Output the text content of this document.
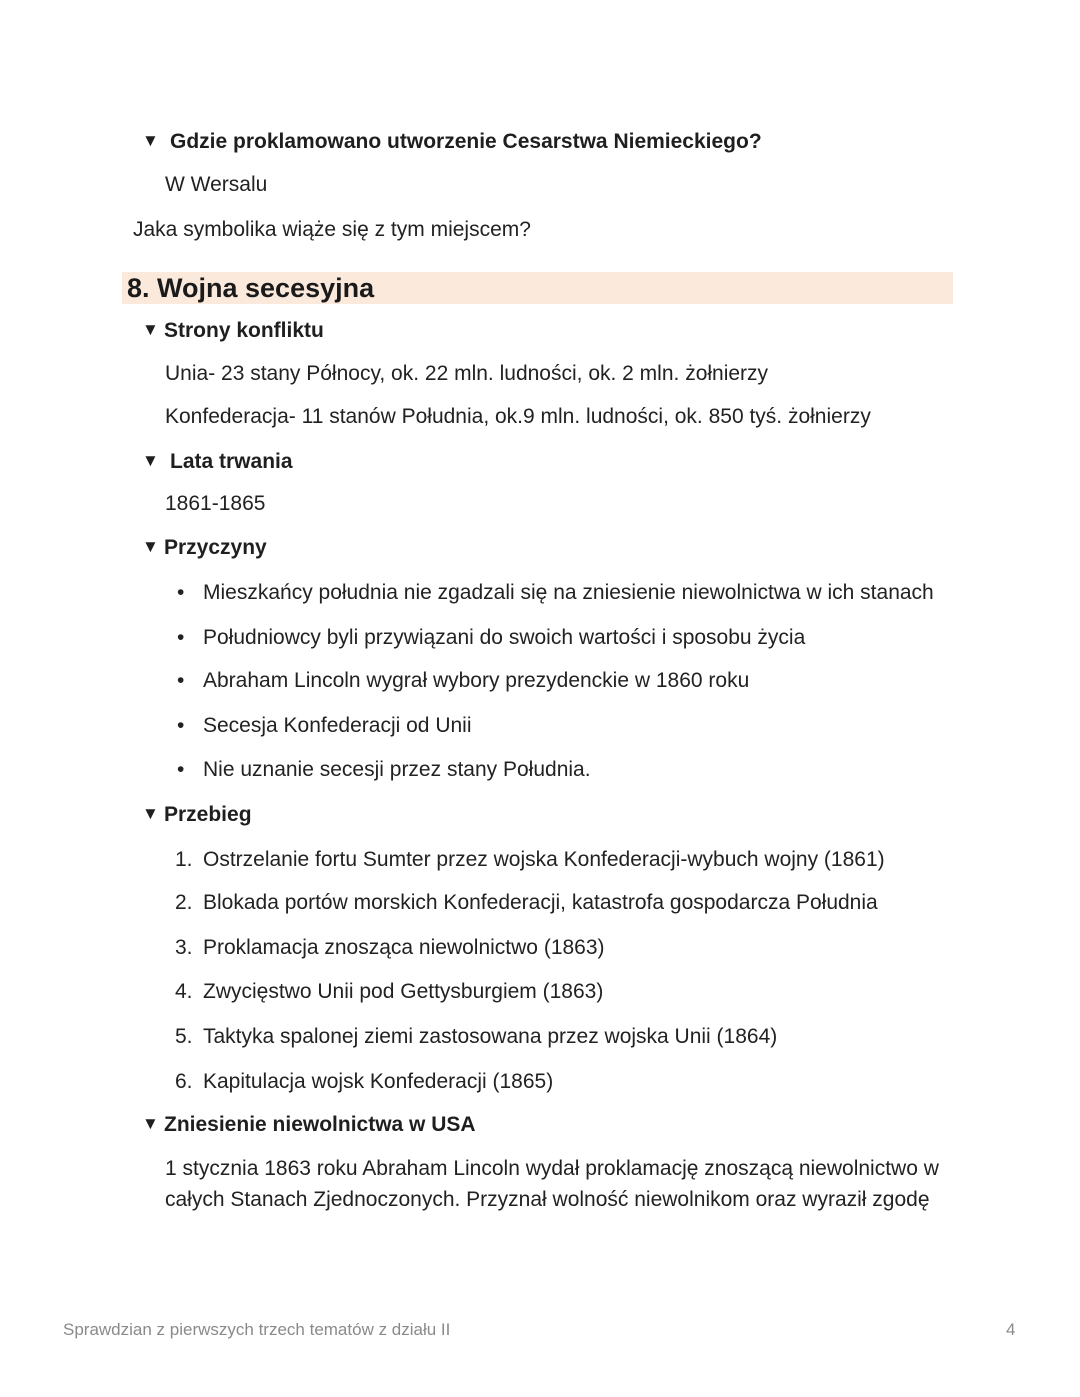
▼ Gdzie proklamowano utworzenie Cesarstwa Niemieckiego?
W Wersalu
Jaka symbolika wiąże się z tym miejscem?
8. Wojna secesyjna
▼ Strony konfliktu
Unia- 23 stany Północy, ok. 22 mln. ludności, ok. 2 mln. żołnierzy
Konfederacja- 11 stanów Południa, ok.9 mln. ludności, ok. 850 tyś. żołnierzy
▼ Lata trwania
1861-1865
▼ Przyczyny
• Mieszkańcy południa nie zgadzali się na zniesienie niewolnictwa w ich stanach
• Południowcy byli przywiązani do swoich wartości i sposobu życia
• Abraham Lincoln wygrał wybory prezydenckie w 1860 roku
• Secesja Konfederacji od Unii
• Nie uznanie secesji przez stany Południa.
▼ Przebieg
1. Ostrzelanie fortu Sumter przez wojska Konfederacji-wybuch wojny (1861)
2. Blokada portów morskich Konfederacji, katastrofa gospodarcza Południa
3. Proklamacja znosząca niewolnictwo (1863)
4. Zwycięstwo Unii pod Gettysburgiem (1863)
5. Taktyka spalonej ziemi zastosowana przez wojska Unii (1864)
6. Kapitulacja wojsk Konfederacji (1865)
▼ Zniesienie niewolnictwa w USA
1 stycznia 1863 roku Abraham Lincoln wydał proklamację znoszącą niewolnictwo w całych Stanach Zjednoczonych. Przyznał wolność niewolnikom oraz wyraził zgodę
Sprawdzian z pierwszych trzech tematów z działu II	4
